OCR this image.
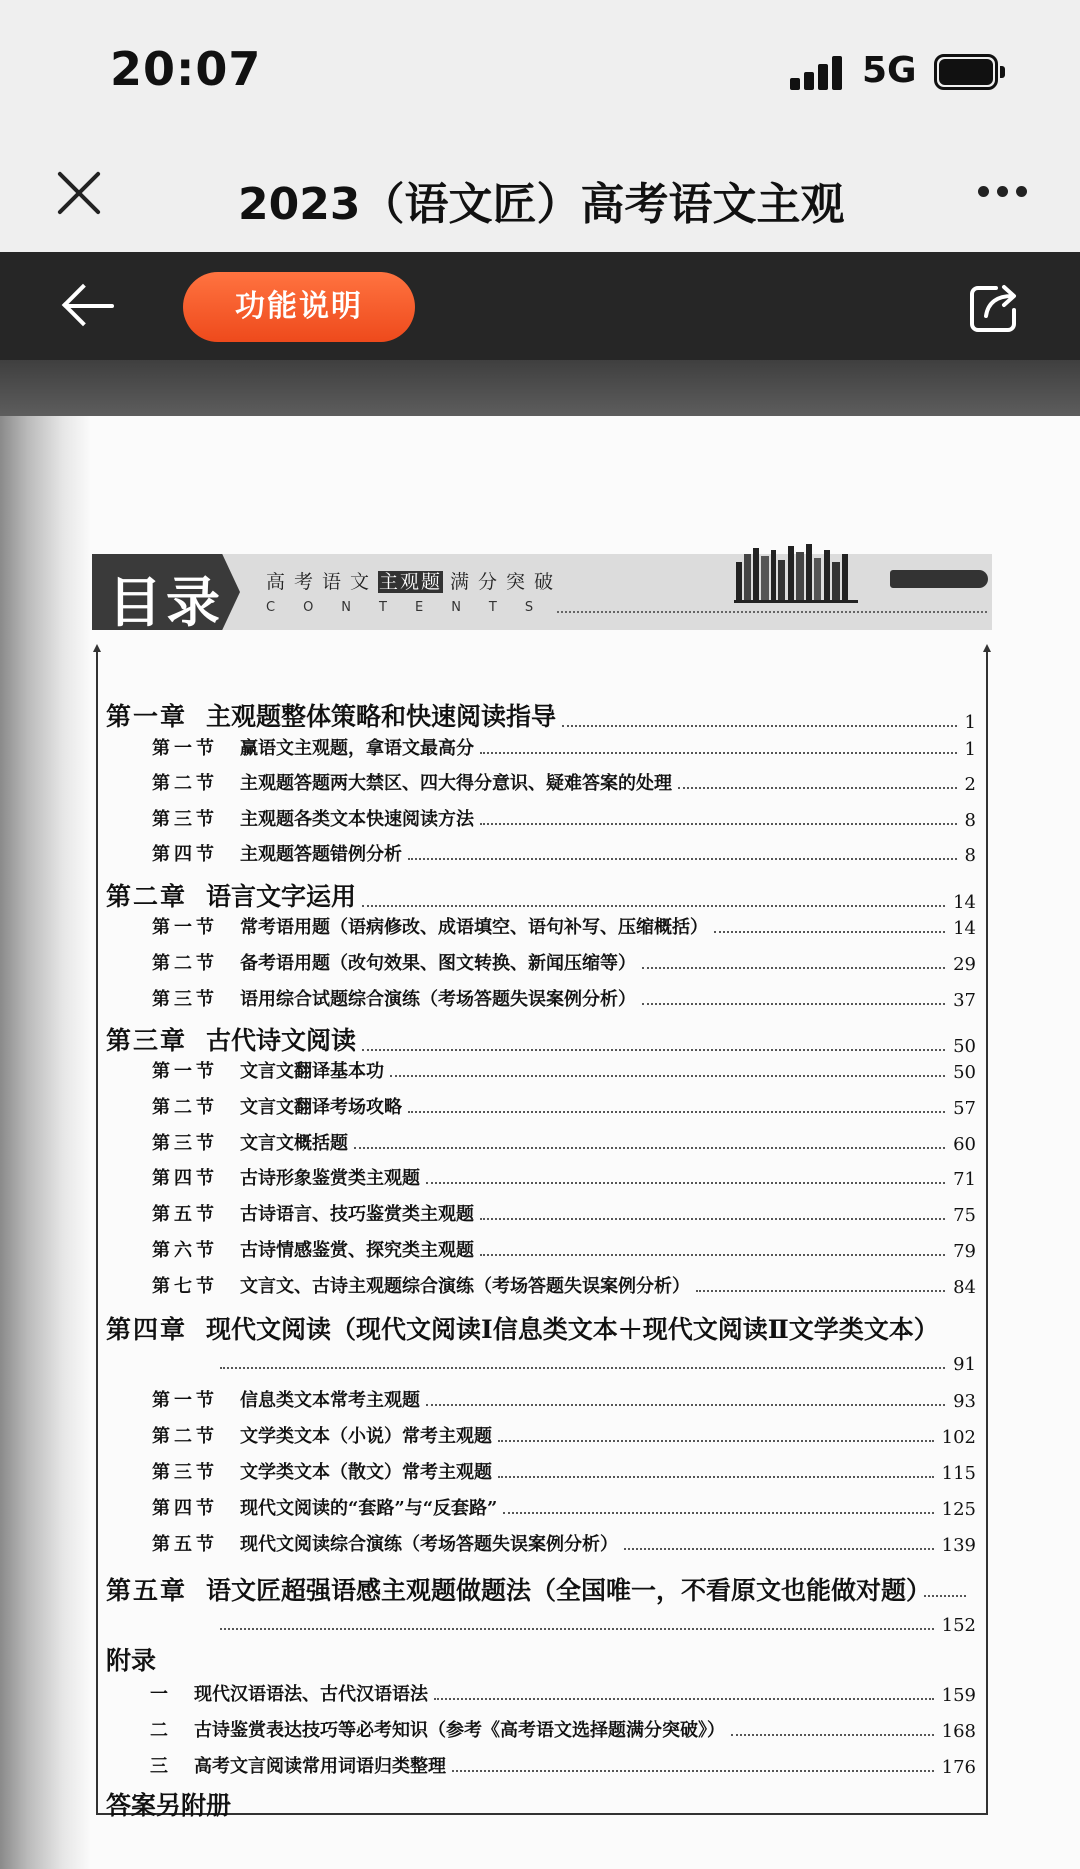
20:07	5G
2023（语文匠）高考语文主观
功能说明
目录 高考语文主观题 满分突破
CONTENTS
第一章 主观题整体策略和快速阅读指导	1
第一节	赢语文主观题，拿语文最高分	1
第二节	主观题答题两大禁区、四大得分意识、疑难答案的处理	2
第三节	主观题各类文本快速阅读方法	8
第四节	主观题答题错例分析	8
第二章 语言文字运用	14
第一节	常考语用题（语病修改、成语填空、语句补写、压缩概括）	14
第二节	备考语用题（改句效果、图文转换、新闻压缩等）	29
第三节	语用综合试题综合演练（考场答题失误案例分析）	37
第三章 古代诗文阅读	50
第一节	文言文翻译基本功	50
第二节	文言文翻译考场攻略	57
第三节	文言文概括题	60
第四节	古诗形象鉴赏类主观题	71
第五节	古诗语言、技巧鉴赏类主观题	75
第六节	古诗情感鉴赏、探究类主观题	79
第七节	文言文、古诗主观题综合演练（考场答题失误案例分析）	84
第四章 现代文阅读（现代文阅读Ⅰ信息类文本＋现代文阅读Ⅱ文学类文本）
91
第一节	信息类文本常考主观题	93
第二节	文学类文本（小说）常考主观题	102
第三节	文学类文本（散文）常考主观题	115
第四节	现代文阅读的“套路”与“反套路”	125
第五节	现代文阅读综合演练（考场答题失误案例分析）	139
第五章 语文匠超强语感主观题做题法（全国唯一，不看原文也能做对题）
152
附录
一	现代汉语语法、古代汉语语法	159
二	古诗鉴赏表达技巧等必考知识（参考《高考语文选择题满分突破》）	168
三	高考文言阅读常用词语归类整理	176
答案另附册
